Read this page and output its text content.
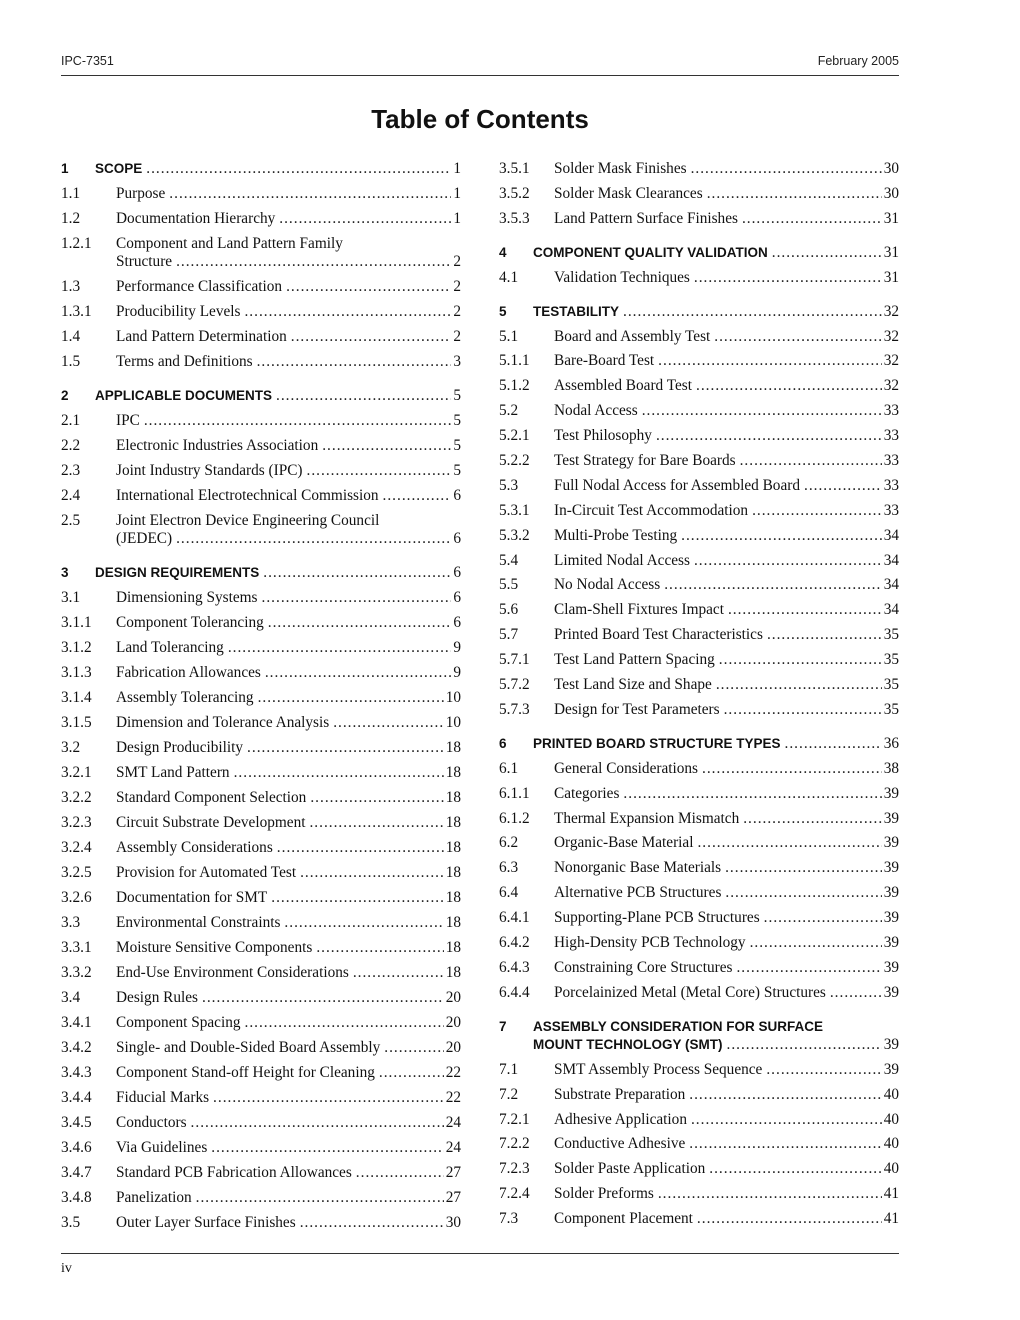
IPC-7351	February 2005
Table of Contents
1	SCOPE .....	1
1.1	Purpose .....	1
1.2	Documentation Hierarchy .....	1
1.2.1	Component and Land Pattern Family
Structure .....	2
1.3	Performance Classification .....	2
1.3.1	Producibility Levels .....	2
1.4	Land Pattern Determination .....	2
1.5	Terms and Definitions .....	3
2	APPLICABLE DOCUMENTS .....	5
2.1	IPC .....	5
2.2	Electronic Industries Association .....	5
2.3	Joint Industry Standards (IPC) .....	5
2.4	International Electrotechnical Commission .....	6
2.5	Joint Electron Device Engineering Council
(JEDEC) .....	6
3	DESIGN REQUIREMENTS .....	6
3.1	Dimensioning Systems .....	6
3.1.1	Component Tolerancing .....	6
3.1.2	Land Tolerancing .....	9
3.1.3	Fabrication Allowances .....	9
3.1.4	Assembly Tolerancing .....	10
3.1.5	Dimension and Tolerance Analysis .....	10
3.2	Design Producibility .....	18
3.2.1	SMT Land Pattern .....	18
3.2.2	Standard Component Selection .....	18
3.2.3	Circuit Substrate Development .....	18
3.2.4	Assembly Considerations .....	18
3.2.5	Provision for Automated Test .....	18
3.2.6	Documentation for SMT .....	18
3.3	Environmental Constraints .....	18
3.3.1	Moisture Sensitive Components .....	18
3.3.2	End-Use Environment Considerations .....	18
3.4	Design Rules .....	20
3.4.1	Component Spacing .....	20
3.4.2	Single- and Double-Sided Board Assembly .....	20
3.4.3	Component Stand-off Height for Cleaning .....	22
3.4.4	Fiducial Marks .....	22
3.4.5	Conductors .....	24
3.4.6	Via Guidelines .....	24
3.4.7	Standard PCB Fabrication Allowances .....	27
3.4.8	Panelization .....	27
3.5	Outer Layer Surface Finishes .....	30
3.5.1	Solder Mask Finishes .....	30
3.5.2	Solder Mask Clearances .....	30
3.5.3	Land Pattern Surface Finishes .....	31
4	COMPONENT QUALITY VALIDATION .....	31
4.1	Validation Techniques .....	31
5	TESTABILITY .....	32
5.1	Board and Assembly Test .....	32
5.1.1	Bare-Board Test .....	32
5.1.2	Assembled Board Test .....	32
5.2	Nodal Access .....	33
5.2.1	Test Philosophy .....	33
5.2.2	Test Strategy for Bare Boards .....	33
5.3	Full Nodal Access for Assembled Board .....	33
5.3.1	In-Circuit Test Accommodation .....	33
5.3.2	Multi-Probe Testing .....	34
5.4	Limited Nodal Access .....	34
5.5	No Nodal Access .....	34
5.6	Clam-Shell Fixtures Impact .....	34
5.7	Printed Board Test Characteristics .....	35
5.7.1	Test Land Pattern Spacing .....	35
5.7.2	Test Land Size and Shape .....	35
5.7.3	Design for Test Parameters .....	35
6	PRINTED BOARD STRUCTURE TYPES .....	36
6.1	General Considerations .....	38
6.1.1	Categories .....	39
6.1.2	Thermal Expansion Mismatch .....	39
6.2	Organic-Base Material .....	39
6.3	Nonorganic Base Materials .....	39
6.4	Alternative PCB Structures .....	39
6.4.1	Supporting-Plane PCB Structures .....	39
6.4.2	High-Density PCB Technology .....	39
6.4.3	Constraining Core Structures .....	39
6.4.4	Porcelainized Metal (Metal Core) Structures .....	39
7	ASSEMBLY CONSIDERATION FOR SURFACE
MOUNT TECHNOLOGY (SMT) .....	39
7.1	SMT Assembly Process Sequence .....	39
7.2	Substrate Preparation .....	40
7.2.1	Adhesive Application .....	40
7.2.2	Conductive Adhesive .....	40
7.2.3	Solder Paste Application .....	40
7.2.4	Solder Preforms .....	41
7.3	Component Placement .....	41
iv
